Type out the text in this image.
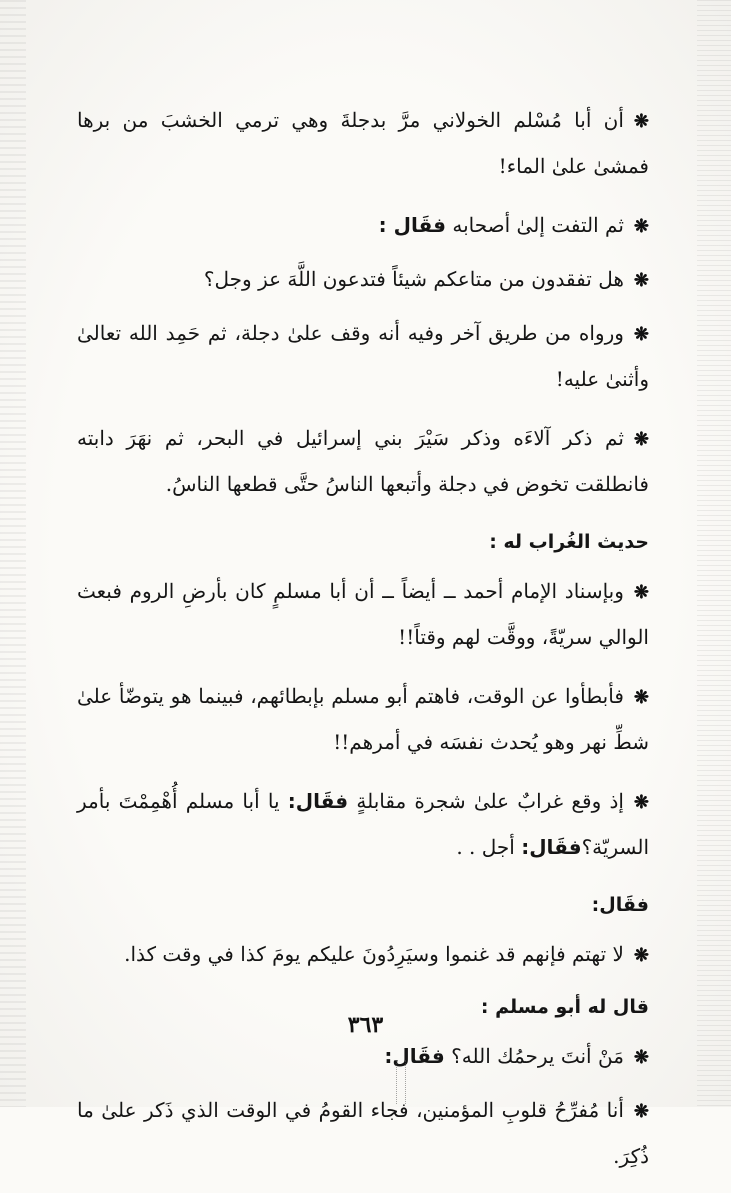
❋أن أبا مُسْلم الخولاني مرَّ بدجلةَ وهي ترمي الخشبَ من برها فمشىٰ علىٰ الماء!

❋ثم التفت إلىٰ أصحابه فقَال :

❋هل تفقدون من متاعكم شيئاً فتدعون اللَّهَ عز وجل؟

❋ورواه من طريق آخر وفيه أنه وقف علىٰ دجلة، ثم حَمِد الله تعالىٰ وأثنىٰ عليه!

❋ثم ذكر آلاءَه وذكر سَيْرَ بني إسرائيل في البحر، ثم نهَرَ دابته فانطلقت تخوض في دجلة وأتبعها الناسُ حتَّى قطعها الناسُ.

حديث الغُراب له :

❋وبإسناد الإمام أحمد ــ أيضاً ــ أن أبا مسلمٍ كان بأرضِ الروم فبعث الوالي سريّةً، ووقَّت لهم وقتاً!!

❋فأبطأوا عن الوقت، فاهتم أبو مسلم بإبطائهم، فبينما هو يتوضّأ علىٰ شطِّ نهر وهو يُحدث نفسَه في أمرهم!!

❋إذ وقع غرابٌ علىٰ شجرة مقابلةٍ فقَال: يا أبا مسلم أُهْمِمْتَ بأمر السريّة؟فقَال: أجل . .

فقَال:

❋لا تهتم فإنهم قد غنموا وسيَرِدُونَ عليكم يومَ كذا في وقت كذا.

قال له أبو مسلم :

❋مَنْ أنتَ يرحمُك الله؟ فقَال:

❋أنا مُفرِّحُ قلوبِ المؤمنين، فجاء القومُ في الوقت الذي ذَكر علىٰ ما ذُكِرَ.

٣٦٣
